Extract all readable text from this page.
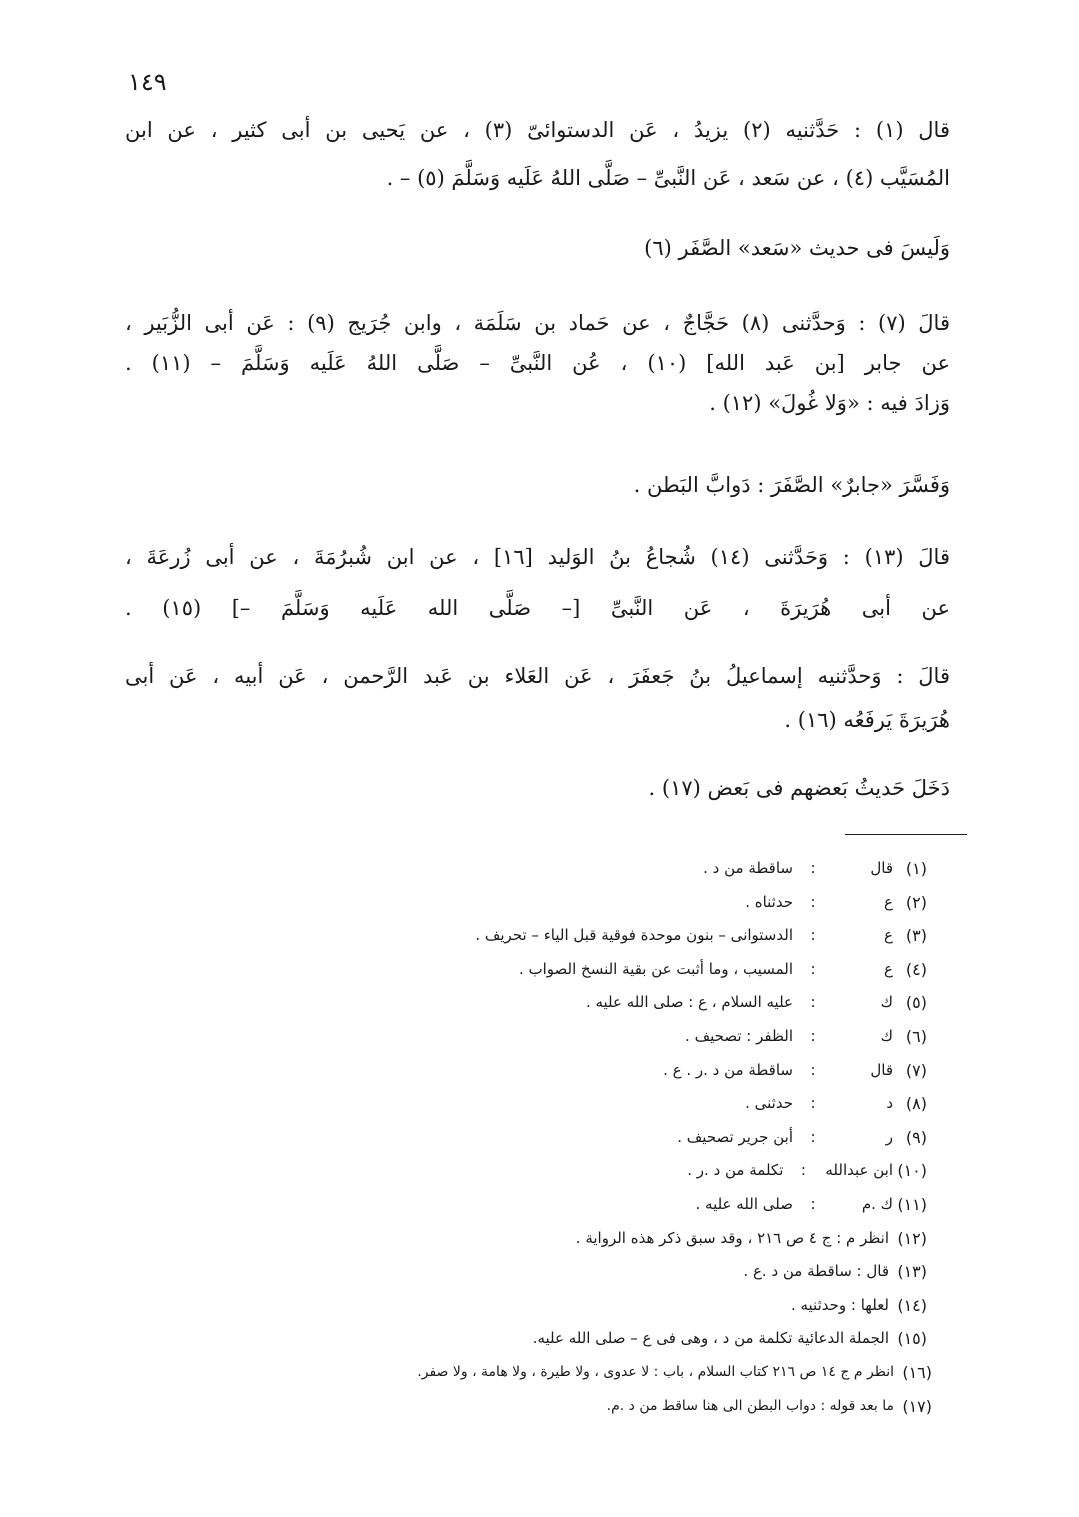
١٤٩
قال (١) : حَدَّثنيه (٢) يزيدُ ، عَن الدستوائىّ (٣) ، عن يَحيى بن أبى كثير ، عن ابن
المُسَيَّب (٤) ، عن سَعد ، عَن النَّبىِّ – صَلَّى اللهُ عَلَيه وَسَلَّمَ (٥) – .
وَلَيسَ فى حديث «سَعد» الصَّفَر (٦)
قالَ (٧) : وَحدَّثنى (٨) حَجَّاجٌ ، عن حَماد بن سَلَمَة ، وابن جُرَيج (٩) : عَن أبى الزُّبَير ،
عن جابر [بن عَبد الله] (١٠) ، عُن النَّبىِّ – صَلَّى اللهُ عَلَيه وَسَلَّمَ – (١١) .
وَزادَ فيه : «وَلا غُولَ» (١٢) .
وَفَسَّرَ «جابرٌ» الصَّفَرَ : دَوابَّ البَطن .
قالَ (١٣) : وَحَدَّثنى (١٤) شُجاعُ بنُ الوَليد [١٦] ، عن ابن شُبرُمَةَ ، عن أبى زُرعَةَ ،
عن أبى هُرَيرَةَ ، عَن النَّبىِّ [– صَلَّى الله عَلَيه وَسَلَّمَ –] (١٥) .
قالَ : وَحدَّثنيه إسماعيلُ بنُ جَعفَرَ ، عَن العَلاء بن عَبد الرَّحمن ، عَن أبيه ، عَن أبى
هُرَيرَةَ يَرفَعُه (١٦) .
دَخَلَ حَديثُ بَعضهم فى بَعض (١٧) .
(١)
قال
:
ساقطة من د .
(٢)
ع
:
حدثناه .
(٣)
ع
:
الدستوانى – بنون موحدة فوقية قبل الياء – تحريف .
(٤)
ع
:
المسيب ، وما أثبت عن بقية النسخ الصواب .
(٥)
ك
:
عليه السلام ، ع : صلى الله عليه .
(٦)
ك
:
الظفر : تصحيف .
(٧)
قال
:
ساقطة من د .ر . ع .
(٨)
د
:
حدثنى .
(٩)
ر
:
أبن جرير تصحيف .
(١٠)
ابن عبدالله
:
تكلمة من د .ر .
(١١)
ك .م
:
صلى الله عليه .
(١٢)
انظر م : ج ٤ ص ٢١٦ ، وقد سبق ذكر هذه الرواية .
(١٣)
قال : ساقطة من د .ع .
(١٤)
لعلها : وحدثنيه .
(١٥)
الجملة الدعائية تكلمة من د ، وهى فى ع – صلى الله عليه.
(١٦)
انظر م ج ١٤ ص ٢١٦ كتاب السلام ، باب : لا عدوى ، ولا طيرة ، ولا هامة ، ولا صفر.
(١٧)
ما بعد قوله : دواب البطن الى هنا ساقط من د .م.
